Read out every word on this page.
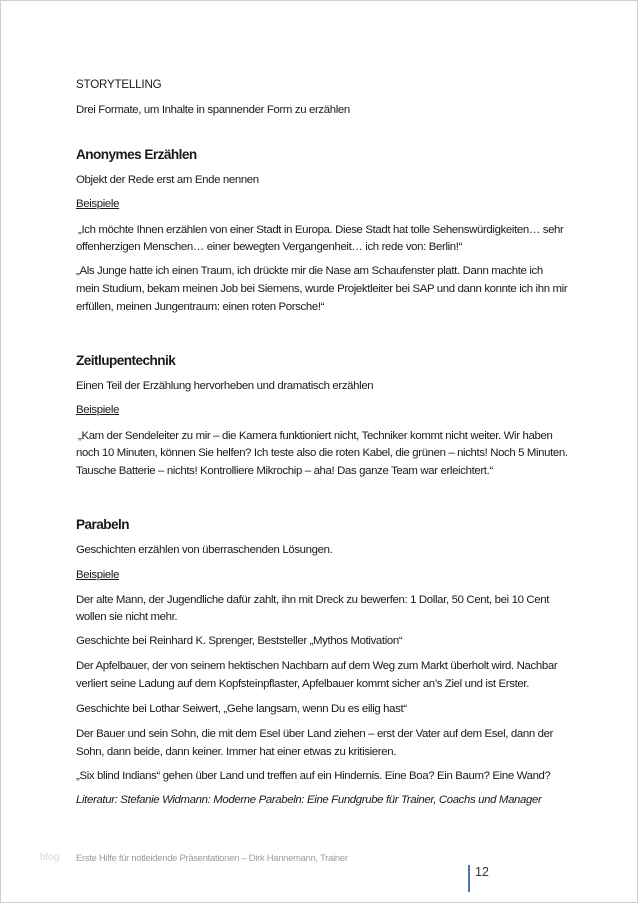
STORYTELLING
Drei Formate, um Inhalte in spannender Form zu erzählen
Anonymes Erzählen
Objekt der Rede erst am Ende nennen
Beispiele
„Ich möchte Ihnen erzählen von einer Stadt in Europa. Diese Stadt hat tolle Sehenswürdigkeiten… sehr
offenherzigen Menschen… einer bewegten Vergangenheit… ich rede von: Berlin!“
„Als Junge hatte ich einen Traum, ich drückte mir die Nase am Schaufenster platt. Dann machte ich
mein Studium, bekam meinen Job bei Siemens, wurde Projektleiter bei SAP und dann konnte ich ihn mir
erfüllen, meinen Jungentraum: einen roten Porsche!“
Zeitlupentechnik
Einen Teil der Erzählung hervorheben und dramatisch erzählen
Beispiele
„Kam der Sendeleiter zu mir – die Kamera funktioniert nicht, Techniker kommt nicht weiter. Wir haben
noch 10 Minuten, können Sie helfen? Ich teste also die roten Kabel, die grünen – nichts! Noch 5 Minuten.
Tausche Batterie – nichts! Kontrolliere Mikrochip – aha! Das ganze Team war erleichtert.“
Parabeln
Geschichten erzählen von überraschenden Lösungen.
Beispiele
Der alte Mann, der Jugendliche dafür zahlt, ihn mit Dreck zu bewerfen: 1 Dollar, 50 Cent, bei 10 Cent
wollen sie nicht mehr.
Geschichte bei Reinhard K. Sprenger, Beststeller „Mythos Motivation“
Der Apfelbauer, der von seinem hektischen Nachbarn auf dem Weg zum Markt überholt wird. Nachbar
verliert seine Ladung auf dem Kopfsteinpflaster, Apfelbauer kommt sicher an’s Ziel und ist Erster.
Geschichte bei Lothar Seiwert, „Gehe langsam, wenn Du es eilig hast“
Der Bauer und sein Sohn, die mit dem Esel über Land ziehen – erst der Vater auf dem Esel, dann der
Sohn, dann beide, dann keiner. Immer hat einer etwas zu kritisieren.
„Six blind Indians“ gehen über Land und treffen auf ein Hindernis. Eine Boa? Ein Baum? Eine Wand?
Literatur: Stefanie Widmann: Moderne Parabeln: Eine Fundgrube für Trainer, Coachs und Manager
blog Erste Hilfe für notleidende Präsentationen – Dirk Hannemann, Trainer
12
